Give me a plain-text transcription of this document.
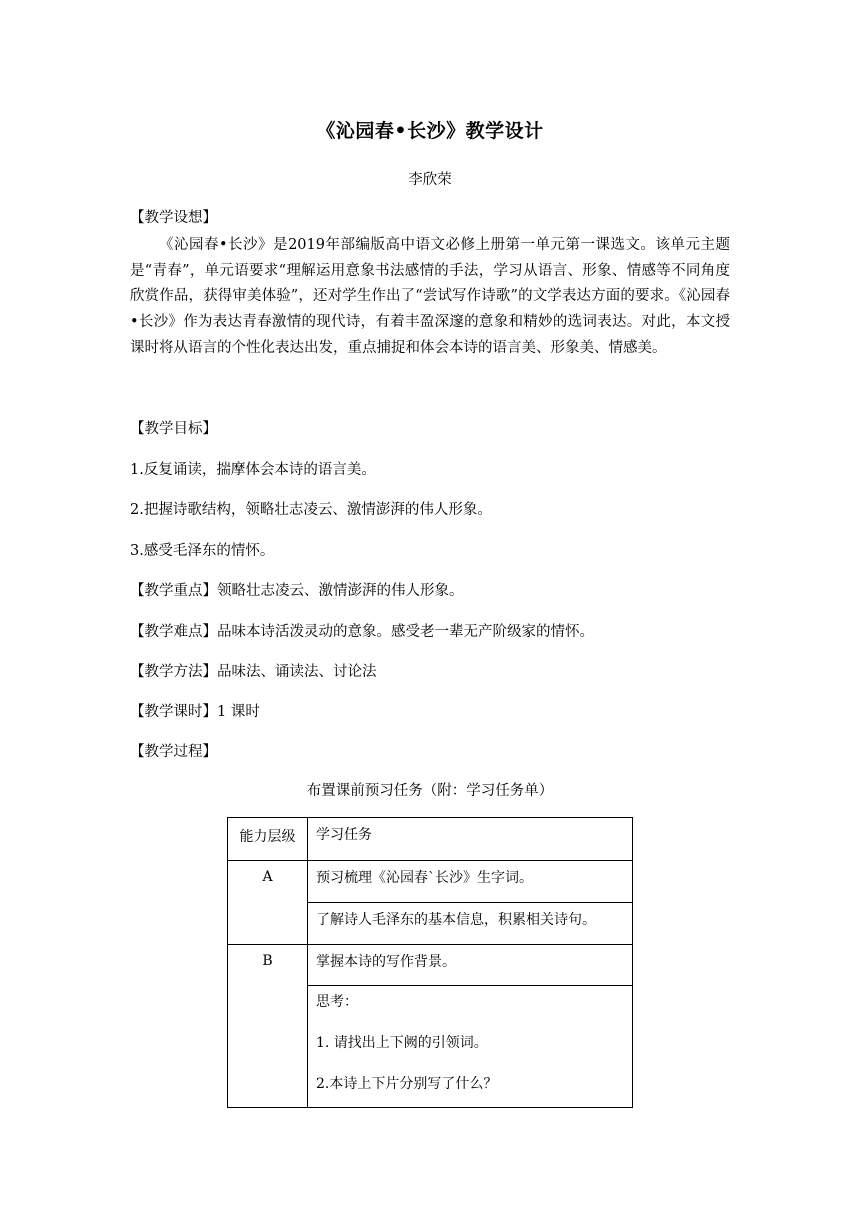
《沁园春•长沙》教学设计
李欣荣
【教学设想】
《沁园春•长沙》是2019年部编版高中语文必修上册第一单元第一课选文。该单元主题是“青春”，单元语要求“理解运用意象书法感情的手法，学习从语言、形象、情感等不同角度欣赏作品，获得审美体验”，还对学生作出了“尝试写作诗歌”的文学表达方面的要求。《沁园春•长沙》作为表达青春激情的现代诗，有着丰盈深邃的意象和精妙的选词表达。对此，本文授课时将从语言的个性化表达出发，重点捕捉和体会本诗的语言美、形象美、情感美。
【教学目标】
1.反复诵读，揣摩体会本诗的语言美。
2.把握诗歌结构，领略壮志凌云、激情澎湃的伟人形象。
3.感受毛泽东的情怀。
【教学重点】领略壮志凌云、激情澎湃的伟人形象。
【教学难点】品味本诗活泼灵动的意象。感受老一辈无产阶级家的情怀。
【教学方法】品味法、诵读法、讨论法
【教学课时】1 课时
【教学过程】
布置课前预习任务（附：学习任务单）
能力层级	学习任务
A	预习梳理《沁园春`长沙》生字词。
	了解诗人毛泽东的基本信息，积累相关诗句。
B	掌握本诗的写作背景。

	思考：

1. 请找出上下阙的引领词。

2.本诗上下片分别写了什么？
